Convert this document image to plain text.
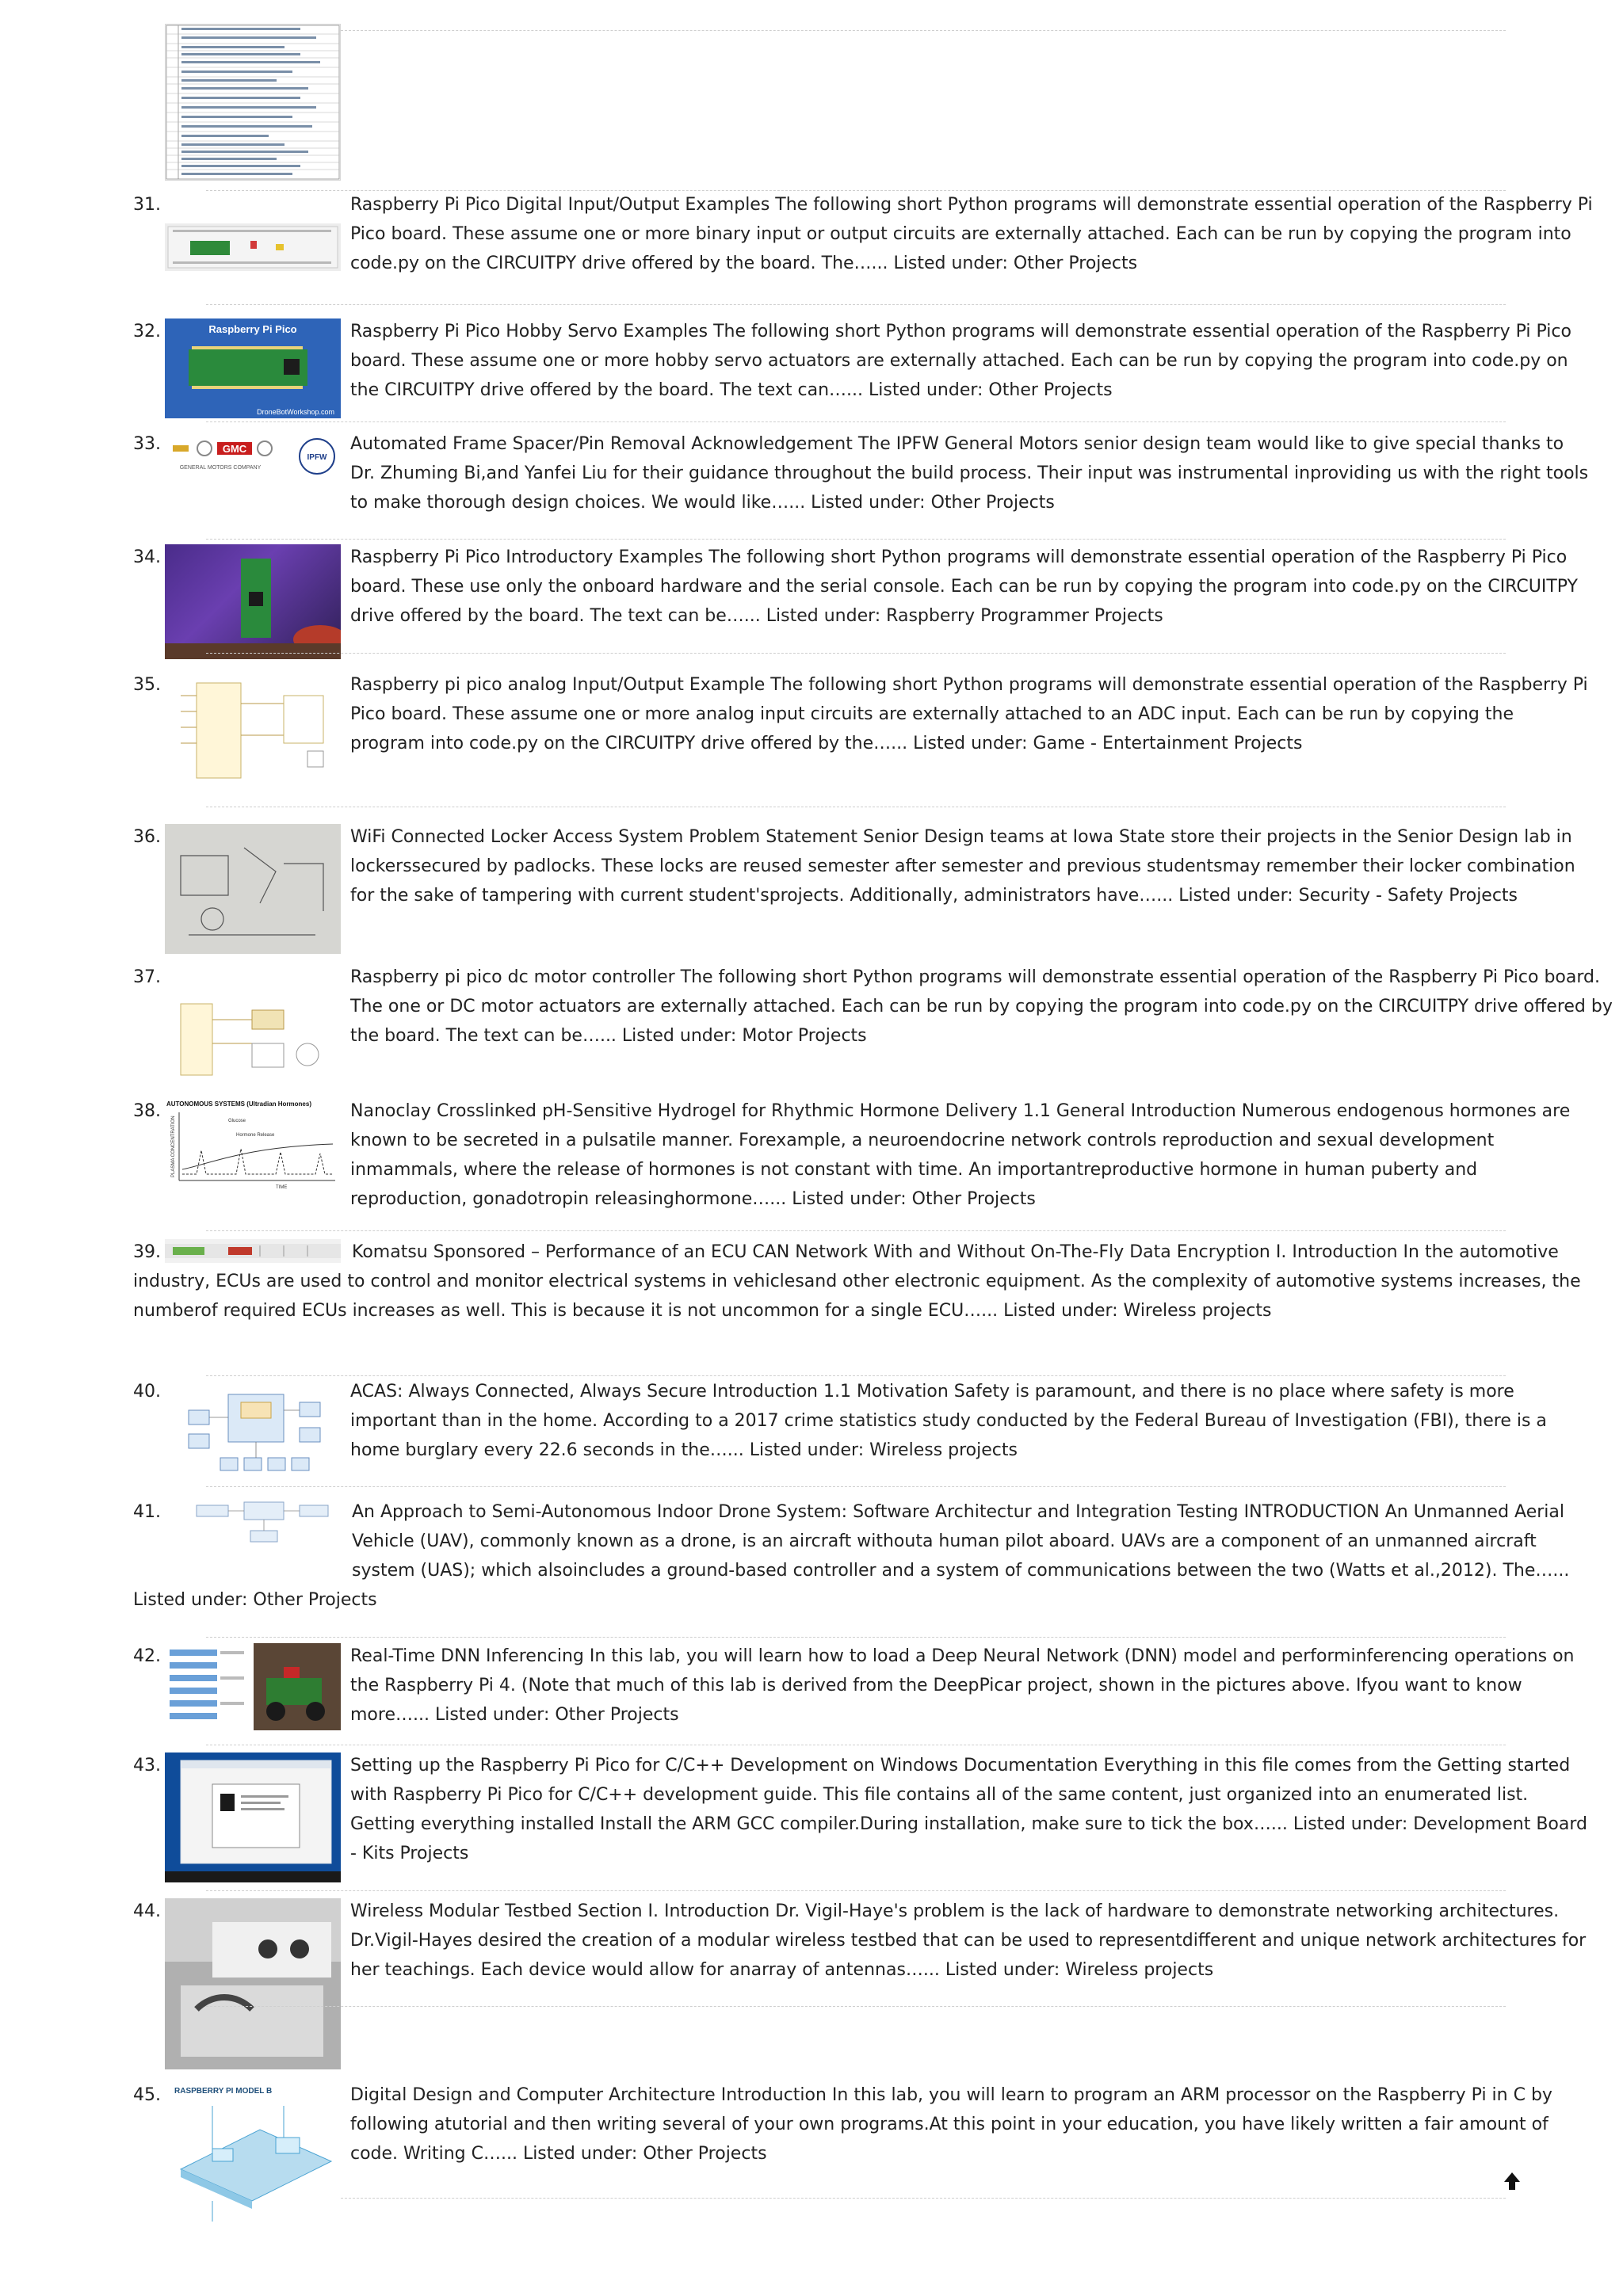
31.	Raspberry Pi Pico Digital Input/Output Examples The following short Python programs will demonstrate essential operation of the Raspberry Pi Pico board. These assume one or more binary input or output circuits are externally attached. Each can be run by copying the program into code.py on the CIRCUITPY drive offered by the board. The…... Listed under: Other Projects

32.	Raspberry Pi Pico
DroneBotWorkshop.com

Raspberry Pi Pico Hobby Servo Examples The following short Python programs will demonstrate essential operation of the Raspberry Pi Pico board. These assume one or more hobby servo actuators are externally attached. Each can be run by copying the program into code.py on the CIRCUITPY drive offered by the board. The text can…... Listed under: Other Projects

33.	GMC
GENERAL MOTORS COMPANY
IPFW

Automated Frame Spacer/Pin Removal Acknowledgement The IPFW General Motors senior design team would like to give special thanks to Dr. Zhuming Bi,and Yanfei Liu for their guidance throughout the build process. Their input was instrumental inproviding us with the right tools to make thorough design choices. We would like…... Listed under: Other Projects

34.	Raspberry Pi Pico Introductory Examples The following short Python programs will demonstrate essential operation of the Raspberry Pi Pico board. These use only the onboard hardware and the serial console. Each can be run by copying the program into code.py on the CIRCUITPY drive offered by the board. The text can be…... Listed under: Raspberry Programmer Projects

35.	Raspberry pi pico analog Input/Output Example The following short Python programs will demonstrate essential operation of the Raspberry Pi Pico board. These assume one or more analog input circuits are externally attached to an ADC input. Each can be run by copying the program into code.py on the CIRCUITPY drive offered by the…... Listed under: Game - Entertainment Projects

36.	WiFi Connected Locker Access System Problem Statement Senior Design teams at Iowa State store their projects in the Senior Design lab in lockerssecured by padlocks. These locks are reused semester after semester and previous studentsmay remember their locker combination for the sake of tampering with current student'sprojects. Additionally, administrators have…... Listed under: Security - Safety Projects

37.	Raspberry pi pico dc motor controller The following short Python programs will demonstrate essential operation of the Raspberry Pi Pico board. The one or DC motor actuators are externally attached. Each can be run by copying the program into code.py on the CIRCUITPY drive offered by the board. The text can be…... Listed under: Motor Projects

38. AUTONOMOUS SYSTEMS (Ultradian Hormones)
PLASMA CONCENTRATION
TIME
Glucose
Hormone Release

Nanoclay Crosslinked pH-Sensitive Hydrogel for Rhythmic Hormone Delivery 1.1 General Introduction Numerous endogenous hormones are known to be secreted in a pulsatile manner. Forexample, a neuroendocrine network controls reproduction and sexual development inmammals, where the release of hormones is not constant with time. An importantreproductive hormone in human puberty and reproduction, gonadotropin releasinghormone…... Listed under: Other Projects

39.	Komatsu Sponsored – Performance of an ECU CAN Network With and Without On-The-Fly Data Encryption I. Introduction In the automotive industry, ECUs are used to control and monitor electrical systems in vehiclesand other electronic equipment. As the complexity of automotive systems increases, the numberof required ECUs increases as well. This is because it is not uncommon for a single ECU…... Listed under: Wireless projects

40.	ACAS: Always Connected, Always Secure Introduction 1.1 Motivation Safety is paramount, and there is no place where safety is more important than in the home. According to a 2017 crime statistics study conducted by the Federal Bureau of Investigation (FBI), there is a home burglary every 22.6 seconds in the…... Listed under: Wireless projects

41.	An Approach to Semi-Autonomous Indoor Drone System: Software Architectur and Integration Testing INTRODUCTION An Unmanned Aerial Vehicle (UAV), commonly known as a drone, is an aircraft withouta human pilot aboard. UAVs are a component of an unmanned aircraft system (UAS); which alsoincludes a ground-based controller and a system of communications between the two (Watts et al.,2012). The…... Listed under: Other Projects

42.	Real-Time DNN Inferencing In this lab, you will learn how to load a Deep Neural Network (DNN) model and performinferencing operations on the Raspberry Pi 4. (Note that much of this lab is derived from the DeepPicar project, shown in the pictures above. Ifyou want to know more…... Listed under: Other Projects

43.	Setting up the Raspberry Pi Pico for C/C++ Development on Windows Documentation Everything in this file comes from the Getting started with Raspberry Pi Pico for C/C++ development guide. This file contains all of the same content, just organized into an enumerated list. Getting everything installed Install the ARM GCC compiler.During installation, make sure to tick the box…... Listed under: Development Board - Kits Projects

44.	Wireless Modular Testbed Section I. Introduction Dr. Vigil-Haye's problem is the lack of hardware to demonstrate networking architectures. Dr.Vigil-Hayes desired the creation of a modular wireless testbed that can be used to representdifferent and unique network architectures for her teachings. Each device would allow for anarray of antennas…... Listed under: Wireless projects

45. RASPBERRY PI MODEL B	Digital Design and Computer Architecture Introduction In this lab, you will learn to program an ARM processor on the Raspberry Pi in C by following atutorial and then writing several of your own programs.At this point in your education, you have likely written a fair amount of code. Writing C…... Listed under: Other Projects
